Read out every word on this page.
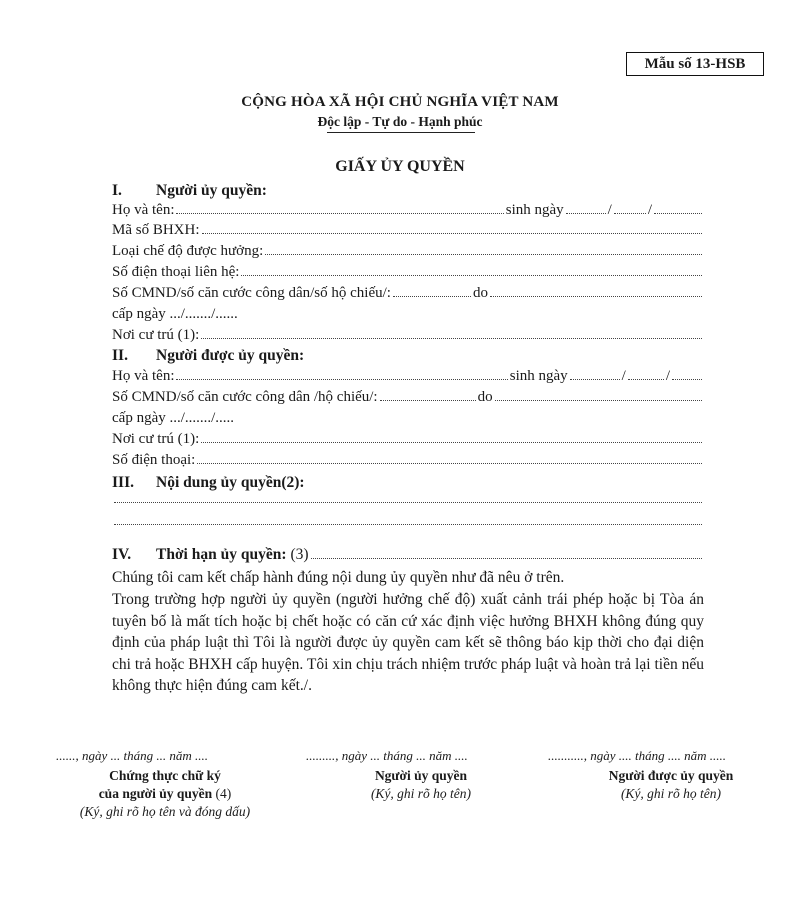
Mẫu số 13-HSB
CỘNG HÒA XÃ HỘI CHỦ NGHĨA VIỆT NAM
Độc lập - Tự do - Hạnh phúc
GIẤY ỦY QUYỀN
I. Người ủy quyền:
Họ và tên:	sinh ngày	/ /
Mã số BHXH:
Loại chế độ được hưởng:
Số điện thoại liên hệ:
Số CMND/số căn cước công dân/số hộ chiếu/:	do
cấp ngày .../......./......
Nơi cư trú (1):
II. Người được ủy quyền:
Họ và tên:	sinh ngày	/	/
Số CMND/số căn cước công dân /hộ chiếu/:	do
cấp ngày .../......./.....
Nơi cư trú (1):
Số điện thoại:
III. Nội dung ủy quyền(2):
IV.	Thời hạn ủy quyền: (3)
Chúng tôi cam kết chấp hành đúng nội dung ủy quyền như đã nêu ở trên.
Trong trường hợp người ủy quyền (người hưởng chế độ) xuất cảnh trái phép hoặc bị Tòa án tuyên bố là mất tích hoặc bị chết hoặc có căn cứ xác định việc hưởng BHXH không đúng quy định của pháp luật thì Tôi là người được ủy quyền cam kết sẽ thông báo kịp thời cho đại diện chi trả hoặc BHXH cấp huyện. Tôi xin chịu trách nhiệm trước pháp luật và hoàn trả lại tiền nếu không thực hiện đúng cam kết./.
......, ngày ... tháng ... năm ....	........., ngày ... tháng ... năm ....	..........., ngày .... tháng .... năm .....
Chứng thực chữ ký
của người ủy quyền (4)
(Ký, ghi rõ họ tên và đóng dấu)
Người ủy quyền
(Ký, ghi rõ họ tên)
Người được ủy quyền
(Ký, ghi rõ họ tên)
